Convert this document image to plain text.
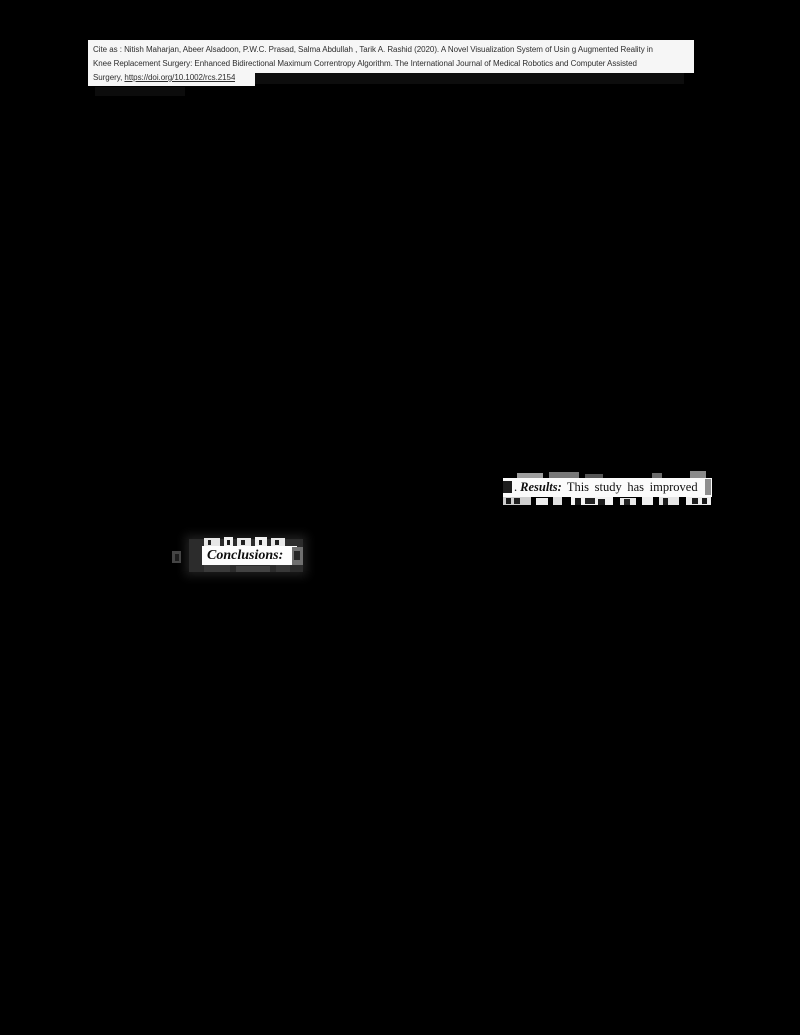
Cite as : Nitish Maharjan, Abeer Alsadoon, P.W.C. Prasad, Salma Abdullah , Tarik A. Rashid (2020). A Novel Visualization System of Usin g Augmented Reality in
Knee Replacement Surgery: Enhanced Bidirectional Maximum Correntropy Algorithm. The International Journal of Medical Robotics and Computer Assisted
Surgery, https://doi.org/10.1002/rcs.2154
. Results: This study has improved
Conclusions:
